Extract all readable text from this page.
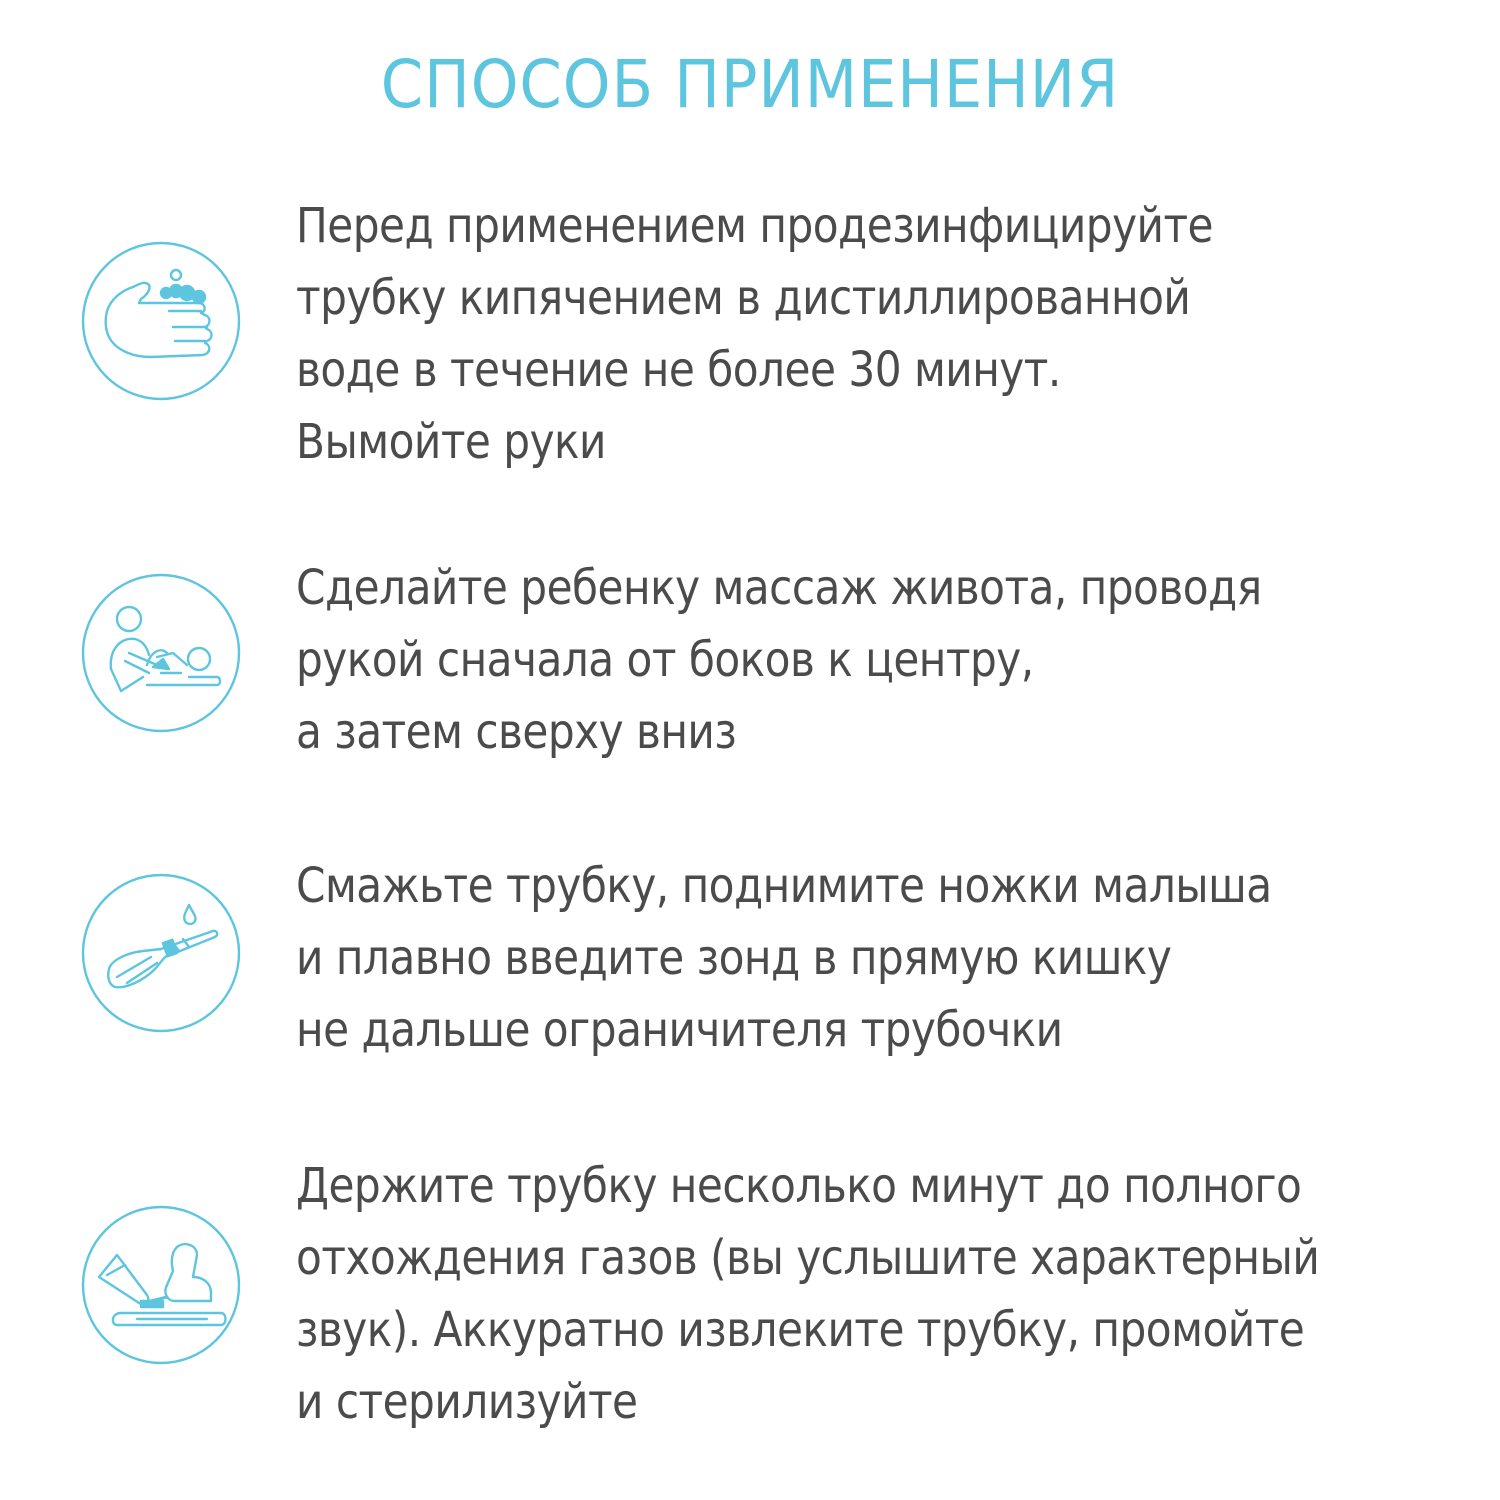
СПОСОБ ПРИМЕНЕНИЯ
Перед применением продезинфицируйте
трубку кипячением в дистиллированной
воде в течение не более 30 минут.
Вымойте руки
Сделайте ребенку массаж живота, проводя
рукой сначала от боков к центру,
а затем сверху вниз
Смажьте трубку, поднимите ножки малыша
и плавно введите зонд в прямую кишку
не дальше ограничителя трубочки
Держите трубку несколько минут до полного
отхождения газов (вы услышите характерный
звук). Аккуратно извлеките трубку, промойте
и стерилизуйте
